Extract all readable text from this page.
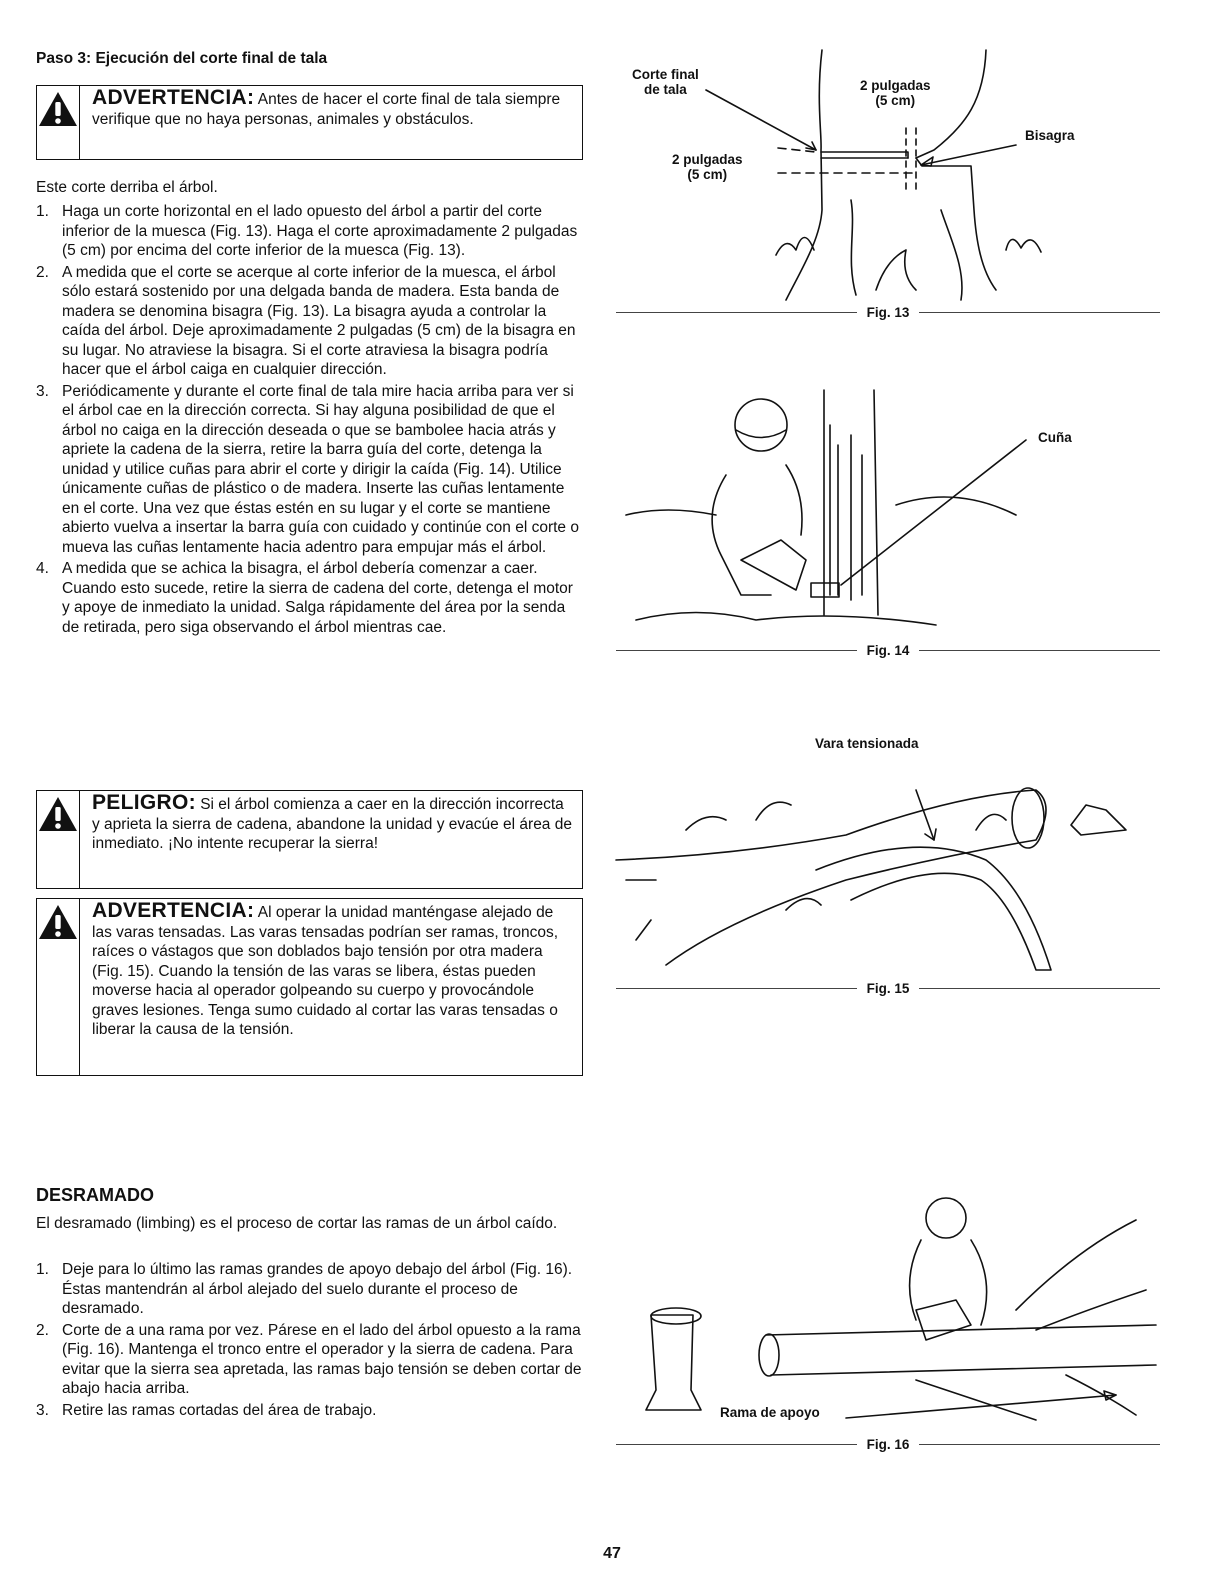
Paso 3: Ejecución del corte final de tala
ADVERTENCIA: Antes de hacer el corte final de tala siempre verifique que no haya personas, animales y obstáculos.
Este corte derriba el árbol.
1. Haga un corte horizontal en el lado opuesto del árbol a partir del corte inferior de la muesca (Fig. 13). Haga el corte aproximadamente 2 pulgadas (5 cm) por encima del corte inferior de la muesca (Fig. 13).
2. A medida que el corte se acerque al corte inferior de la muesca, el árbol sólo estará sostenido por una delgada banda de madera. Esta banda de madera se denomina bisagra (Fig. 13). La bisagra ayuda a controlar la caída del árbol. Deje aproximadamente 2 pulgadas (5 cm) de la bisagra en su lugar. No atraviese la bisagra. Si el corte atraviesa la bisagra podría hacer que el árbol caiga en cualquier dirección.
3. Periódicamente y durante el corte final de tala mire hacia arriba para ver si el árbol cae en la dirección correcta. Si hay alguna posibilidad de que el árbol no caiga en la dirección deseada o que se bambolee hacia atrás y apriete la cadena de la sierra, retire la barra guía del corte, detenga la unidad y utilice cuñas para abrir el corte y dirigir la caída (Fig. 14). Utilice únicamente cuñas de plástico o de madera. Inserte las cuñas lentamente en el corte. Una vez que éstas estén en su lugar y el corte se mantiene abierto vuelva a insertar la barra guía con cuidado y continúe con el corte o mueva las cuñas lentamente hacia adentro para empujar más el árbol.
4. A medida que se achica la bisagra, el árbol debería comenzar a caer. Cuando esto sucede, retire la sierra de cadena del corte, detenga el motor y apoye de inmediato la unidad. Salga rápidamente del área por la senda de retirada, pero siga observando el árbol mientras cae.
PELIGRO: Si el árbol comienza a caer en la dirección incorrecta y aprieta la sierra de cadena, abandone la unidad y evacúe el área de inmediato. ¡No intente recuperar la sierra!
ADVERTENCIA: Al operar la unidad manténgase alejado de las varas tensadas. Las varas tensadas podrían ser ramas, troncos, raíces o vástagos que son doblados bajo tensión por otra madera (Fig. 15). Cuando la tensión de las varas se libera, éstas pueden moverse hacia al operador golpeando su cuerpo y provocándole graves lesiones. Tenga sumo cuidado al cortar las varas tensadas o liberar la causa de la tensión.
DESRAMADO
El desramado (limbing) es el proceso de cortar las ramas de un árbol caído.
1. Deje para lo último las ramas grandes de apoyo debajo del árbol (Fig. 16). Éstas mantendrán al árbol alejado del suelo durante el proceso de desramado.
2. Corte de a una rama por vez. Párese en el lado del árbol opuesto a la rama (Fig. 16). Mantenga el tronco entre el operador y la sierra de cadena. Para evitar que la sierra sea apretada, las ramas bajo tensión se deben cortar de abajo hacia arriba.
3. Retire las ramas cortadas del área de trabajo.
47
Corte final
de tala	2 pulgadas
(5 cm)
2 pulgadas
(5 cm)
Bisagra
Fig. 13
Cuña
Fig. 14
Vara tensionada
Fig. 15
Rama de apoyo
Fig. 16
